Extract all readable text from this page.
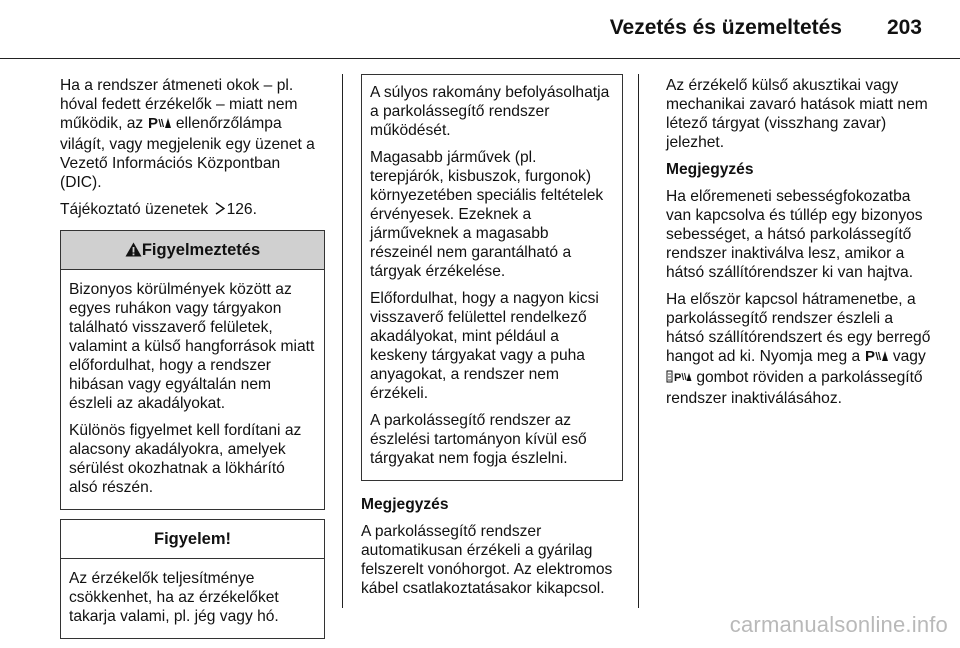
Vezetés és üzemeltetés 203

Ha a rendszer átmeneti okok – pl. hóval fedett érzékelők – miatt nem működik, az P ellenőrzőlámpa világít, vagy megjelenik egy üzenet a Vezető Információs Központban (DIC).

Tájékoztató üzenetek 126.

Figyelmeztetés

Bizonyos körülmények között az egyes ruhákon vagy tárgyakon található visszaverő felületek, valamint a külső hangforrások miatt előfordulhat, hogy a rendszer hibásan vagy egyáltalán nem észleli az akadályokat.

Különös figyelmet kell fordítani az alacsony akadályokra, amelyek sérülést okozhatnak a lökhárító alsó részén.

Figyelem!

Az érzékelők teljesítménye csökkenhet, ha az érzékelőket takarja valami, pl. jég vagy hó.

A súlyos rakomány befolyásolhatja a parkolássegítő rendszer működését.

Magasabb járművek (pl. terepjárók, kisbuszok, furgonok) környezetében speciális feltételek érvényesek. Ezeknek a járműveknek a magasabb részeinél nem garantálható a tárgyak érzékelése.

Előfordulhat, hogy a nagyon kicsi visszaverő felülettel rendelkező akadályokat, mint például a keskeny tárgyakat vagy a puha anyagokat, a rendszer nem érzékeli.

A parkolássegítő rendszer az észlelési tartományon kívül eső tárgyakat nem fogja észlelni.

Megjegyzés

A parkolássegítő rendszer automatikusan érzékeli a gyárilag felszerelt vonóhorgot. Az elektromos kábel csatlakoztatásakor kikapcsol.

Az érzékelő külső akusztikai vagy mechanikai zavaró hatások miatt nem létező tárgyat (visszhang zavar) jelezhet.

Megjegyzés

Ha előremeneti sebességfokozatba van kapcsolva és túllép egy bizonyos sebességet, a hátsó parkolássegítő rendszer inaktiválva lesz, amikor a hátsó szállítórendszer ki van hajtva.

Ha először kapcsol hátramenetbe, a parkolássegítő rendszer észleli a hátsó szállítórendszert és egy berregő hangot ad ki. Nyomja meg a P vagy
P gombot röviden a parkolássegítő rendszer inaktiválásához.

carmanualsonline.info
